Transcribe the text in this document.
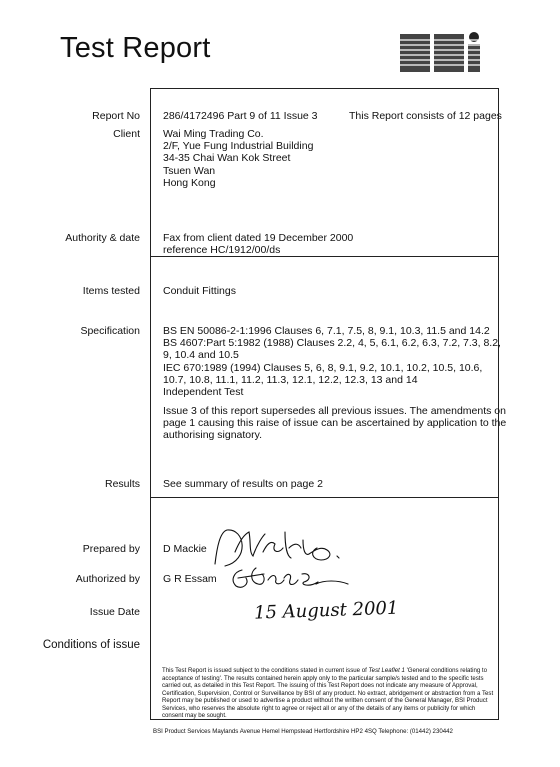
Test Report
Report No 286/4172496 Part 9 of 11 Issue 3	This Report consists of 12 pages
Client Wai Ming Trading Co.
2/F, Yue Fung Industrial Building
34-35 Chai Wan Kok Street
Tsuen Wan
Hong Kong
Authority & date Fax from client dated 19 December 2000
reference HC/1912/00/ds
Items tested Conduit Fittings
Specification BS EN 50086-2-1:1996 Clauses 6, 7.1, 7.5, 8, 9.1, 10.3, 11.5 and 14.2
BS 4607:Part 5:1982 (1988) Clauses 2.2, 4, 5, 6.1, 6.2, 6.3, 7.2, 7.3, 8.2,
9, 10.4 and 10.5
IEC 670:1989 (1994) Clauses 5, 6, 8, 9.1, 9.2, 10.1, 10.2, 10.5, 10.6,
10.7, 10.8, 11.1, 11.2, 11.3, 12.1, 12.2, 12.3, 13 and 14
Independent Test
Issue 3 of this report supersedes all previous issues. The amendments on
page 1 causing this raise of issue can be ascertained by application to the
authorising signatory.
Results See summary of results on page 2
Prepared by D Mackie
Authorized by G R Essam
Issue Date	15 August 2001
Conditions of issue
This Test Report is issued subject to the conditions stated in current issue of Test Leaflet 1 'General conditions relating to acceptance of testing'. The results contained herein apply only to the particular sample/s tested and to the specific tests carried out, as detailed in this Test Report. The issuing of this Test Report does not indicate any measure of Approval, Certification, Supervision, Control or Surveillance by BSI of any product. No extract, abridgement or abstraction from a Test Report may be published or used to advertise a product without the written consent of the General Manager, BSI Product Services, who reserves the absolute right to agree or reject all or any of the details of any items or publicity for which consent may be sought.
BSI Product Services Maylands Avenue Hemel Hempstead Hertfordshire HP2 4SQ Telephone: (01442) 230442
